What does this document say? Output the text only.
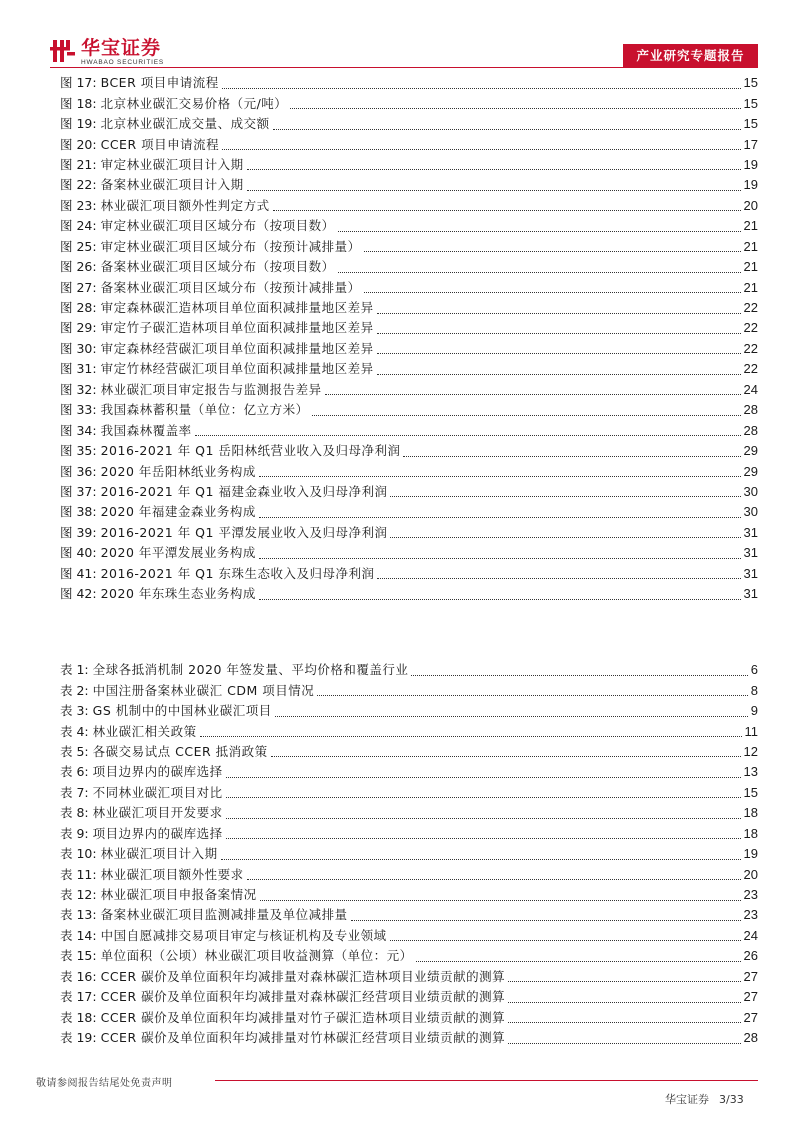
华宝证券
HWABAO SECURITIES	产业研究专题报告
图 17: BCER 项目申请流程	15
图 18: 北京林业碳汇交易价格（元/吨）	15
图 19: 北京林业碳汇成交量、成交额	15
图 20: CCER 项目申请流程	17
图 21: 审定林业碳汇项目计入期	19
图 22: 备案林业碳汇项目计入期	19
图 23: 林业碳汇项目额外性判定方式	20
图 24: 审定林业碳汇项目区域分布（按项目数）	21
图 25: 审定林业碳汇项目区域分布（按预计减排量）	21
图 26: 备案林业碳汇项目区域分布（按项目数）	21
图 27: 备案林业碳汇项目区域分布（按预计减排量）	21
图 28: 审定森林碳汇造林项目单位面积减排量地区差异	22
图 29: 审定竹子碳汇造林项目单位面积减排量地区差异	22
图 30: 审定森林经营碳汇项目单位面积减排量地区差异	22
图 31: 审定竹林经营碳汇项目单位面积减排量地区差异	22
图 32: 林业碳汇项目审定报告与监测报告差异	24
图 33: 我国森林蓄积量（单位：亿立方米）	28
图 34: 我国森林覆盖率	28
图 35: 2016-2021 年 Q1 岳阳林纸营业收入及归母净利润	29
图 36: 2020 年岳阳林纸业务构成	29
图 37: 2016-2021 年 Q1 福建金森业收入及归母净利润	30
图 38: 2020 年福建金森业务构成	30
图 39: 2016-2021 年 Q1 平潭发展业收入及归母净利润	31
图 40: 2020 年平潭发展业务构成	31
图 41: 2016-2021 年 Q1 东珠生态收入及归母净利润	31
图 42: 2020 年东珠生态业务构成	31
表 1: 全球各抵消机制 2020 年签发量、平均价格和覆盖行业	6
表 2: 中国注册备案林业碳汇 CDM 项目情况	8
表 3: GS 机制中的中国林业碳汇项目	9
表 4: 林业碳汇相关政策	11
表 5: 各碳交易试点 CCER 抵消政策	12
表 6: 项目边界内的碳库选择	13
表 7: 不同林业碳汇项目对比	15
表 8: 林业碳汇项目开发要求	18
表 9: 项目边界内的碳库选择	18
表 10: 林业碳汇项目计入期	19
表 11: 林业碳汇项目额外性要求	20
表 12: 林业碳汇项目申报备案情况	23
表 13: 备案林业碳汇项目监测减排量及单位减排量	23
表 14: 中国自愿减排交易项目审定与核证机构及专业领域	24
表 15: 单位面积（公顷）林业碳汇项目收益测算（单位：元）	26
表 16: CCER 碳价及单位面积年均减排量对森林碳汇造林项目业绩贡献的测算	27
表 17: CCER 碳价及单位面积年均减排量对森林碳汇经营项目业绩贡献的测算	27
表 18: CCER 碳价及单位面积年均减排量对竹子碳汇造林项目业绩贡献的测算	27
表 19: CCER 碳价及单位面积年均减排量对竹林碳汇经营项目业绩贡献的测算	28
敬请参阅报告结尾处免责声明
华宝证券 3/33
